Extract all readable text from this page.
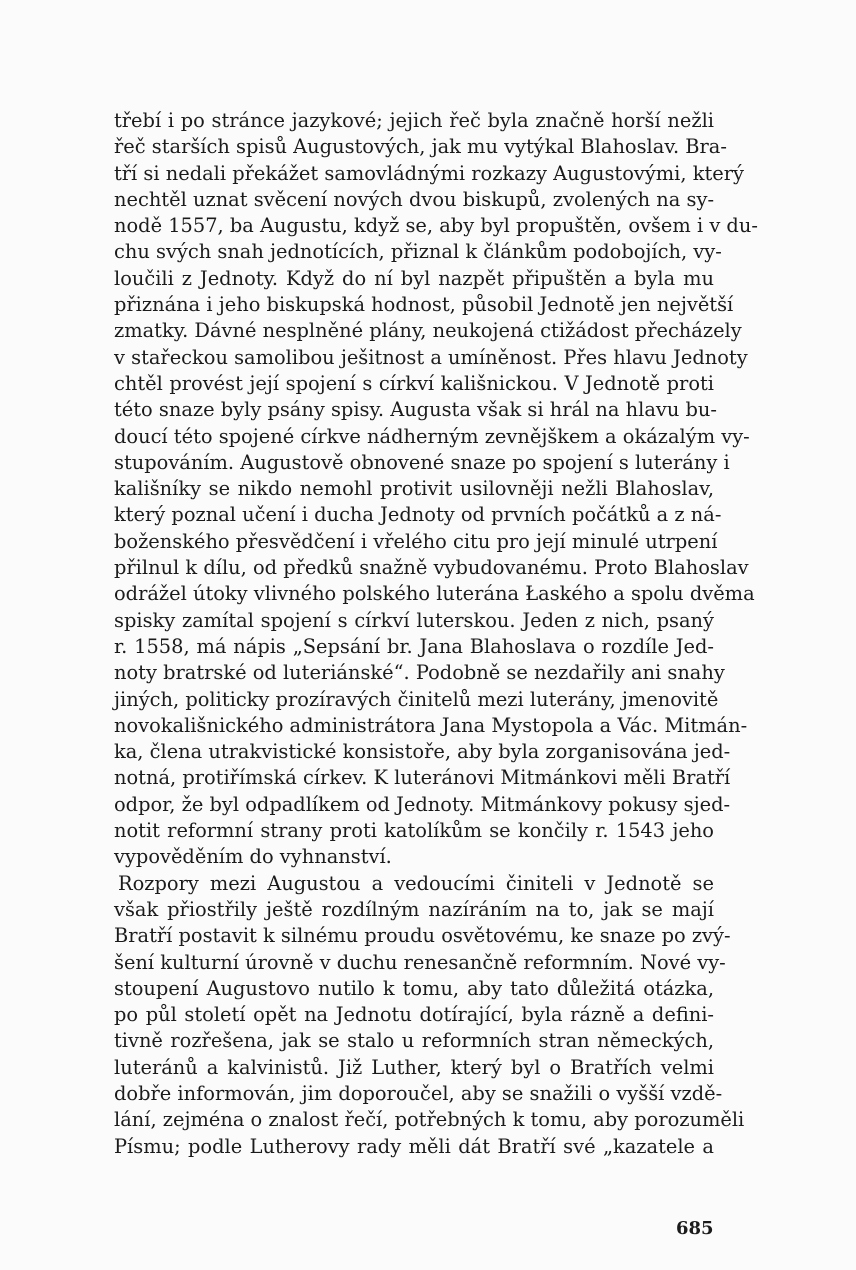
třebí i po stránce jazykové; jejich řeč byla značně horší nežli
řeč starších spisů Augustových, jak mu vytýkal Blahoslav. Bra-
tří si nedali překážet samovládnými rozkazy Augustovými, který
nechtěl uznat svěcení nových dvou biskupů, zvolených na sy-
nodě 1557, ba Augustu, když se, aby byl propuštěn, ovšem i v du-
chu svých snah jednotících, přiznal k článkům podobojích, vy-
loučili z Jednoty. Když do ní byl nazpět připuštěn a byla mu
přiznána i jeho biskupská hodnost, působil Jednotě jen největší
zmatky. Dávné nesplněné plány, neukojená ctižádost přecházely
v stařeckou samolibou ješitnost a umíněnost. Přes hlavu Jednoty
chtěl provést její spojení s církví kališnickou. V Jednotě proti
této snaze byly psány spisy. Augusta však si hrál na hlavu bu-
doucí této spojené církve nádherným zevnějškem a okázalým vy-
stupováním. Augustově obnovené snaze po spojení s luterány i
kališníky se nikdo nemohl protivit usilovněji nežli Blahoslav,
který poznal učení i ducha Jednoty od prvních počátků a z ná-
boženského přesvědčení i vřelého citu pro její minulé utrpení
přilnul k dílu, od předků snažně vybudovanému. Proto Blahoslav
odrážel útoky vlivného polského luterána Łaského a spolu dvěma
spisky zamítal spojení s církví luterskou. Jeden z nich, psaný
r. 1558, má nápis „Sepsání br. Jana Blahoslava o rozdíle Jed-
noty bratrské od luteriánské“. Podobně se nezdařily ani snahy
jiných, politicky prozíravých činitelů mezi luterány, jmenovitě
novokališnického administrátora Jana Mystopola a Vác. Mitmán-
ka, člena utrakvistické konsistoře, aby byla zorganisována jed-
notná, protiřímská církev. K luteránovi Mitmánkovi měli Bratří
odpor, že byl odpadlíkem od Jednoty. Mitmánkovy pokusy sjed-
notit reformní strany proti katolíkům se končily r. 1543 jeho
vypověděním do vyhnanství.
Rozpory mezi Augustou a vedoucími činiteli v Jednotě se
však přiostřily ještě rozdílným nazíráním na to, jak se mají
Bratří postavit k silnému proudu osvětovému, ke snaze po zvý-
šení kulturní úrovně v duchu renesančně reformním. Nové vy-
stoupení Augustovo nutilo k tomu, aby tato důležitá otázka,
po půl století opět na Jednotu dotírající, byla rázně a defini-
tivně rozřešena, jak se stalo u reformních stran německých,
luteránů a kalvinistů. Již Luther, který byl o Bratřích velmi
dobře informován, jim doporoučel, aby se snažili o vyšší vzdě-
lání, zejména o znalost řečí, potřebných k tomu, aby porozuměli
Písmu; podle Lutherovy rady měli dát Bratří své „kazatele a
685
